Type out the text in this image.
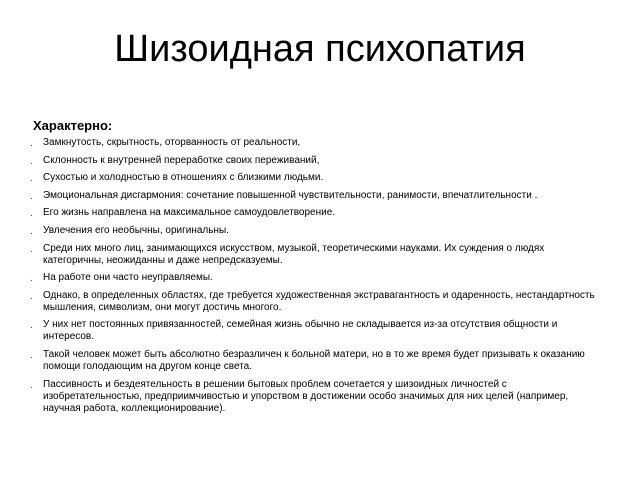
Шизоидная психопатия
Характерно:
. Замкнутость, скрытность, оторванность от реальности,
. Склонность к внутренней переработке своих переживаний,
. Сухостью и холодностью в отношениях с близкими людьми.
. Эмоциональная дисгармония: сочетание повышенной чувствительности, ранимости, впечатлительности .
. Его жизнь направлена на максимальное самоудовлетворение.
. Увлечения его необычны, оригинальны.
. Среди них много лиц, занимающихся искусством, музыкой, теоретическими науками. Их суждения о людях категоричны, неожиданны и даже непредсказуемы.
. На работе они часто неуправляемы.
. Однако, в определенных областях, где требуется художественная экстравагантность и одаренность, нестандартность мышления, символизм, они могут достичь многого.
. У них нет постоянных привязанностей, семейная жизнь обычно не складывается из-за отсутствия общности и интересов.
. Такой человек может быть абсолютно безразличен к больной матери, но в то же время будет призывать к оказанию помощи голодающим на другом конце света.
. Пассивность и бездеятельность в решении бытовых проблем сочетается у шизоидных личностей с изобретательностью, предприимчивостью и упорством в достижении особо значимых для них целей (например, научная работа, коллекционирование).
